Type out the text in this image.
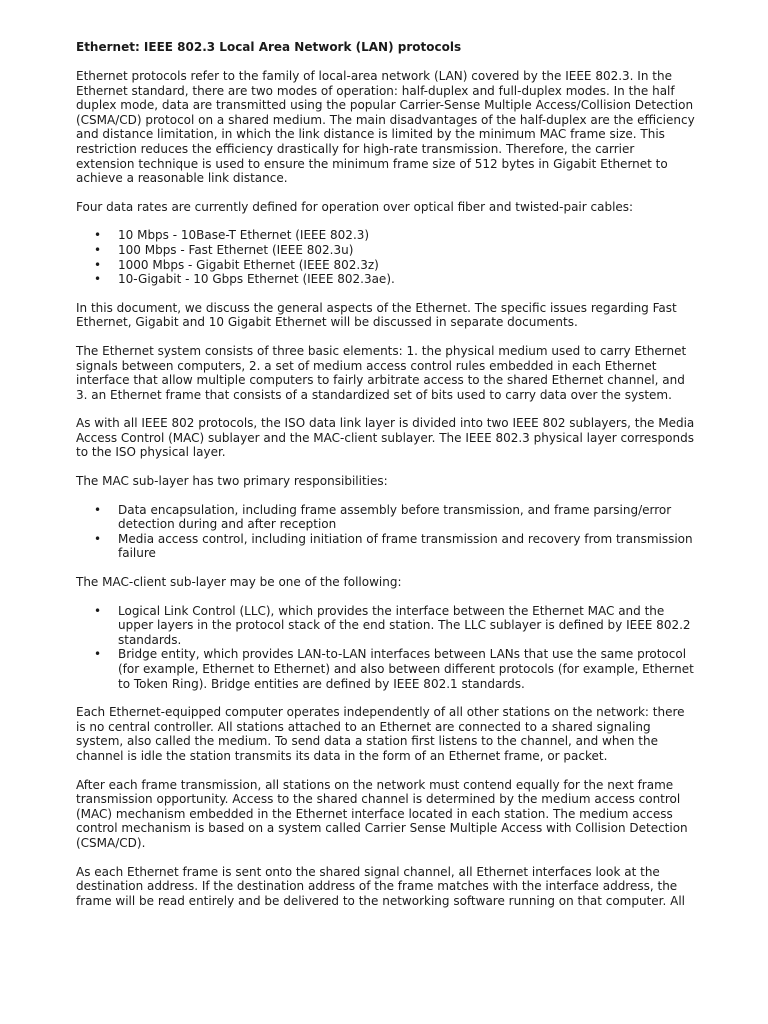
Ethernet: IEEE 802.3 Local Area Network (LAN) protocols

Ethernet protocols refer to the family of local-area network (LAN) covered by the IEEE 802.3. In the Ethernet standard, there are two modes of operation: half-duplex and full-duplex modes. In the half duplex mode, data are transmitted using the popular Carrier-Sense Multiple Access/Collision Detection (CSMA/CD) protocol on a shared medium. The main disadvantages of the half-duplex are the efficiency and distance limitation, in which the link distance is limited by the minimum MAC frame size. This restriction reduces the efficiency drastically for high-rate transmission. Therefore, the carrier extension technique is used to ensure the minimum frame size of 512 bytes in Gigabit Ethernet to achieve a reasonable link distance.

Four data rates are currently defined for operation over optical fiber and twisted-pair cables:

• 10 Mbps - 10Base-T Ethernet (IEEE 802.3)
• 100 Mbps - Fast Ethernet (IEEE 802.3u)
• 1000 Mbps - Gigabit Ethernet (IEEE 802.3z)
• 10-Gigabit - 10 Gbps Ethernet (IEEE 802.3ae).

In this document, we discuss the general aspects of the Ethernet. The specific issues regarding Fast Ethernet, Gigabit and 10 Gigabit Ethernet will be discussed in separate documents.

The Ethernet system consists of three basic elements: 1. the physical medium used to carry Ethernet signals between computers, 2. a set of medium access control rules embedded in each Ethernet interface that allow multiple computers to fairly arbitrate access to the shared Ethernet channel, and 3. an Ethernet frame that consists of a standardized set of bits used to carry data over the system.

As with all IEEE 802 protocols, the ISO data link layer is divided into two IEEE 802 sublayers, the Media Access Control (MAC) sublayer and the MAC-client sublayer. The IEEE 802.3 physical layer corresponds to the ISO physical layer.

The MAC sub-layer has two primary responsibilities:

• Data encapsulation, including frame assembly before transmission, and frame parsing/error detection during and after reception
• Media access control, including initiation of frame transmission and recovery from transmission failure

The MAC-client sub-layer may be one of the following:

• Logical Link Control (LLC), which provides the interface between the Ethernet MAC and the upper layers in the protocol stack of the end station. The LLC sublayer is defined by IEEE 802.2 standards.
• Bridge entity, which provides LAN-to-LAN interfaces between LANs that use the same protocol (for example, Ethernet to Ethernet) and also between different protocols (for example, Ethernet to Token Ring). Bridge entities are defined by IEEE 802.1 standards.

Each Ethernet-equipped computer operates independently of all other stations on the network: there is no central controller. All stations attached to an Ethernet are connected to a shared signaling system, also called the medium. To send data a station first listens to the channel, and when the channel is idle the station transmits its data in the form of an Ethernet frame, or packet.

After each frame transmission, all stations on the network must contend equally for the next frame transmission opportunity. Access to the shared channel is determined by the medium access control (MAC) mechanism embedded in the Ethernet interface located in each station. The medium access control mechanism is based on a system called Carrier Sense Multiple Access with Collision Detection (CSMA/CD).

As each Ethernet frame is sent onto the shared signal channel, all Ethernet interfaces look at the destination address. If the destination address of the frame matches with the interface address, the frame will be read entirely and be delivered to the networking software running on that computer. All
